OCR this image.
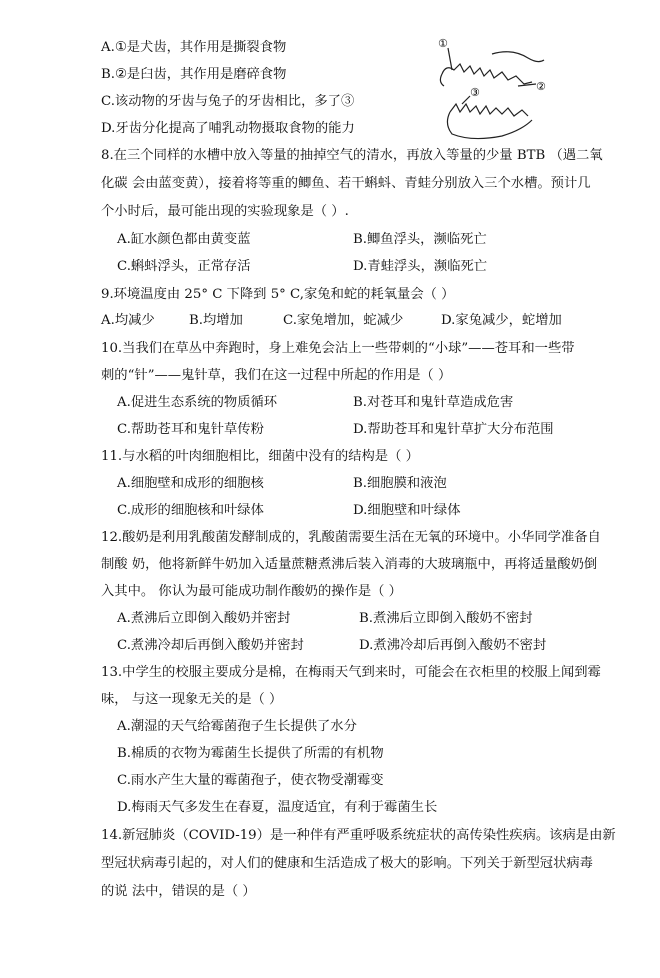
A.①是犬齿，其作用是撕裂食物
B.②是臼齿，其作用是磨碎食物
C.该动物的牙齿与兔子的牙齿相比，多了③
D.牙齿分化提高了哺乳动物摄取食物的能力
①
②
③
8.在三个同样的水槽中放入等量的抽掉空气的清水，再放入等量的少量 BTB （遇二氧
化碳 会由蓝变黄），接着将等重的鲫鱼、若干蝌蚪、青蛙分别放入三个水槽。预计几
个小时后，最可能出现的实验现象是（ ）.
A.缸水颜色都由黄变蓝	B.鲫鱼浮头，濒临死亡
C.蝌蚪浮头，正常存活	D.青蛙浮头，濒临死亡
9.环境温度由 25° C 下降到 5° C,家兔和蛇的耗氧量会（ ）
A.均减少	B.均增加	C.家兔增加，蛇减少	D.家兔减少，蛇增加
10.当我们在草丛中奔跑时，身上难免会沾上一些带刺的“小球”——苍耳和一些带
刺的“针”——鬼针草，我们在这一过程中所起的作用是（ ）
A.促进生态系统的物质循环	B.对苍耳和鬼针草造成危害
C.帮助苍耳和鬼针草传粉	D.帮助苍耳和鬼针草扩大分布范围
11.与水稻的叶肉细胞相比，细菌中没有的结构是（ ）
A.细胞壁和成形的细胞核	B.细胞膜和液泡
C.成形的细胞核和叶绿体	D.细胞壁和叶绿体
12.酸奶是利用乳酸菌发酵制成的，乳酸菌需要生活在无氧的环境中。小华同学准备自
制酸 奶，他将新鲜牛奶加入适量蔗糖煮沸后装入消毒的大玻璃瓶中，再将适量酸奶倒
入其中。 你认为最可能成功制作酸奶的操作是（ ）
A.煮沸后立即倒入酸奶并密封	B.煮沸后立即倒入酸奶不密封
C.煮沸冷却后再倒入酸奶并密封	D.煮沸冷却后再倒入酸奶不密封
13.中学生的校服主要成分是棉，在梅雨天气到来时，可能会在衣柜里的校服上闻到霉
味， 与这一现象无关的是（ ）
A.潮湿的天气给霉菌孢子生长提供了水分
B.棉质的衣物为霉菌生长提供了所需的有机物
C.雨水产生大量的霉菌孢子，使衣物受潮霉变
D.梅雨天气多发生在春夏，温度适宜，有利于霉菌生长
14.新冠肺炎（COVID-19）是一种伴有严重呼吸系统症状的高传染性疾病。该病是由新
型冠状病毒引起的，对人们的健康和生活造成了极大的影响。下列关于新型冠状病毒
的说 法中，错误的是（ ）
